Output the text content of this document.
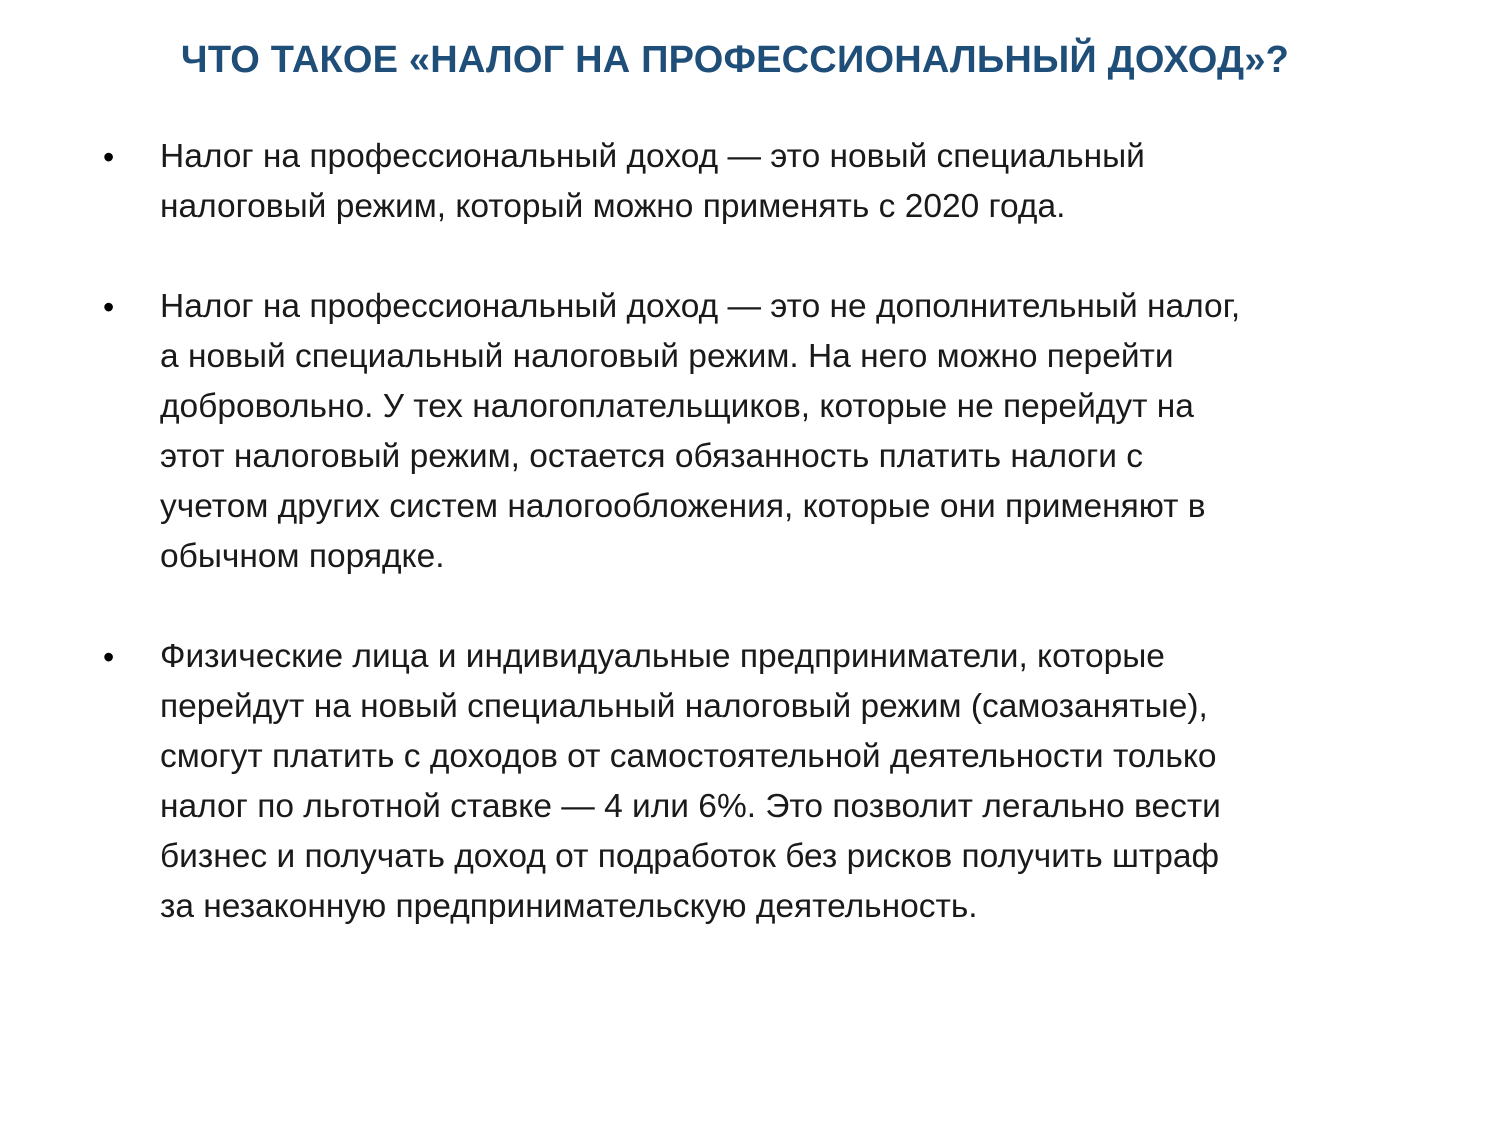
ЧТО ТАКОЕ «НАЛОГ НА ПРОФЕССИОНАЛЬНЫЙ ДОХОД»?
• Налог на профессиональный доход — это новый специальный
налоговый режим, который можно применять с 2020 года.
• Налог на профессиональный доход — это не дополнительный налог,
а новый специальный налоговый режим. На него можно перейти
добровольно. У тех налогоплательщиков, которые не перейдут на
этот налоговый режим, остается обязанность платить налоги с
учетом других систем налогообложения, которые они применяют в
обычном порядке.
• Физические лица и индивидуальные предприниматели, которые
перейдут на новый специальный налоговый режим (самозанятые),
смогут платить с доходов от самостоятельной деятельности только
налог по льготной ставке — 4 или 6%. Это позволит легально вести
бизнес и получать доход от подработок без рисков получить штраф
за незаконную предпринимательскую деятельность.
